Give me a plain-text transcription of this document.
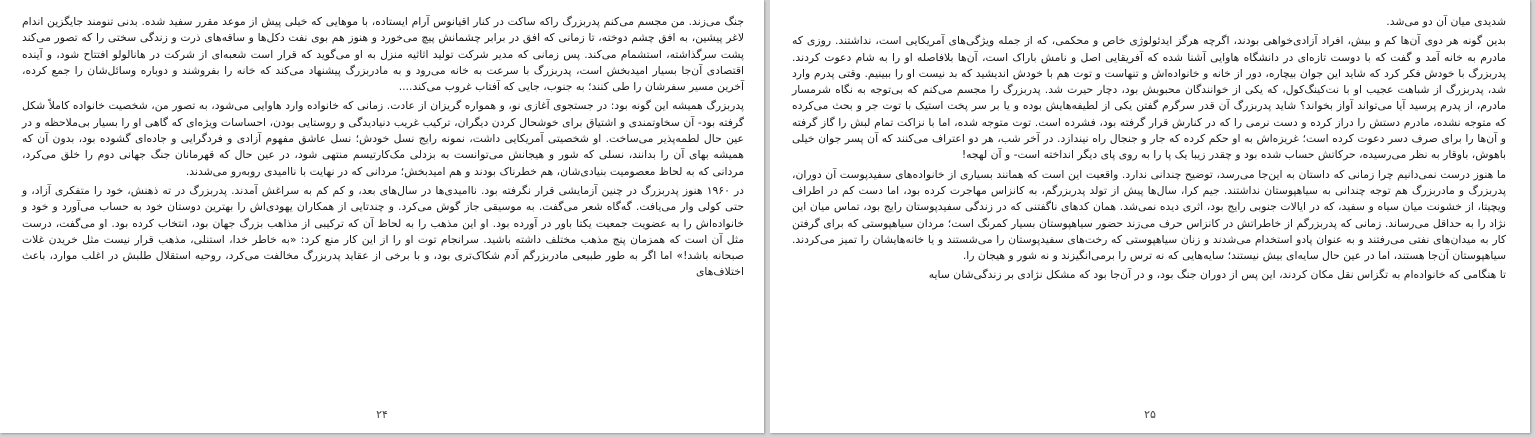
جنگ می‌زند. من مجسم می‌کنم پدربزرگ راکه ساکت در کنار اقیانوس آرام ایستاده، با موهایی که خیلی پیش از موعد مقرر سفید شده. بدنی تنومند جایگزین اندام لاغر پیشین، به افق چشم دوخته، تا زمانی که افق در برابر چشمانش پیچ می‌خورد و هنوز هم بوی نفت دکل‌ها و ساقه‌های ذرت و زندگی سختی را که تصور می‌کند پشت سرگذاشته، استشمام می‌کند. پس زمانی که مدیر شرکت تولید اثاثیه منزل به او می‌گوید که قرار است شعبه‌ای از شرکت در هانالولو افتتاح شود، و آینده اقتصادی آن‌جا بسیار امیدبخش است، پدربزرگ با سرعت به خانه می‌رود و به مادربزرگ پیشنهاد می‌کند که خانه را بفروشند و دوباره وسائل‌شان را جمع کرده، آخرین مسیر سفرشان را طی کنند؛ به جنوب، جایی که آفتاب غروب می‌کند....

پدربزرگ همیشه این گونه بود: در جستجوی آغازی نو، و همواره گریزان از عادت. زمانی که خانواده وارد هاوایی می‌شود، به تصور من، شخصیت خانواده کاملاً شکل گرفته بود- آن سخاوتمندی و اشتیاق برای خوشحال کردن دیگران، ترکیب غریب دنیادیدگی و روستایی بودن، احساسات ویژه‌ای که گاهی او را بسیار بی‌ملاحظه و در عین حال لطمه‌پذیر می‌ساخت. او شخصیتی آمریکایی داشت، نمونه رایج نسل خودش؛ نسل عاشق مفهوم آزادی و فردگرایی و جاده‌ای گشوده بود، بدون آن که همیشه بهای آن را بدانند، نسلی که شور و هیجانش می‌توانست به بزدلی مک‌کارتیسم منتهی شود، در عین حال که قهرمانان جنگ جهانی دوم را خلق می‌کرد، مردانی که به لحاظ معصومیت بنیادی‌شان، هم خطرناک بودند و هم امیدبخش؛ مردانی که در نهایت با ناامیدی روبه‌رو می‌شدند.

در ۱۹۶۰ هنوز پدربزرگ در چنین آزمایشی قرار نگرفته بود. ناامیدی‌ها در سال‌های بعد، و کم کم به سراغش آمدند. پدربزرگ در ته ذهنش، خود را متفکری آزاد، و حتی کولی وار می‌یافت. گه‌گاه شعر می‌گفت. به موسیقی جاز گوش می‌کرد. و چندتایی از همکاران یهودی‌اش را بهترین دوستان خود به حساب می‌آورد و خود و خانواده‌اش را به عضویت جمعیت یکتا باور در آورده بود. او این مذهب را به لحاظ آن که ترکیبی از مذاهب بزرگ جهان بود، انتخاب کرده بود. او می‌گفت، درست مثل آن است که همزمان پنج مذهب مختلف داشته باشید. سرانجام توت او را از این کار منع کرد: «به خاطر خدا، استنلی، مذهب قرار نیست مثل خریدن غلات صبحانه باشد!» اما اگر به طور طبیعی مادربزرگم آدم شکاک‌تری بود، و با برخی از عقاید پدربزرگ مخالفت می‌کرد، روحیه استقلال طلبش در اغلب موارد، باعث اختلاف‌های

۲۴

شدیدی میان آن دو می‌شد.

بدین گونه هر دوی آن‌ها کم و بیش، افراد آزادی‌خواهی بودند، اگرچه هرگز ایدئولوژی خاص و محکمی، که از جمله ویژگی‌های آمریکایی است، نداشتند. روزی که مادرم به خانه آمد و گفت که با دوست تازه‌ای در دانشگاه هاوایی آشنا شده که آفریقایی اصل و نامش باراک است، آن‌ها بلافاصله او را به شام دعوت کردند. پدربزرگ با خودش فکر کرد که شاید این جوان بیچاره، دور از خانه و خانواده‌اش و تنهاست و توت هم با خودش اندیشید که بد نیست او را ببینیم. وقتی پدرم وارد شد، پدربزرگ از شباهت عجیب او با نت‌کینگ‌کول، که یکی از خوانندگان محبوبش بود، دچار حیرت شد. پدربزرگ را مجسم می‌کنم که بی‌توجه به نگاه شرمسار مادرم، از پدرم پرسید آیا می‌تواند آواز بخواند؟ شاید پدربزرگ آن قدر سرگرم گفتن یکی از لطیفه‌هایش بوده و یا بر سر پخت استیک با توت جر و بحث می‌کرده که متوجه نشده، مادرم دستش را دراز کرده و دست نرمی را که در کنارش قرار گرفته بود، فشرده است. توت متوجه شده، اما با نزاکت تمام لبش را گاز گرفته و آن‌ها را برای صرف دسر دعوت کرده است؛ غریزه‌اش به او حکم کرده که جار و جنجال راه نیندازد. در آخر شب، هر دو اعتراف می‌کنند که آن پسر جوان خیلی باهوش، باوقار به نظر می‌رسیده، حرکاتش حساب شده بود و چقدر زیبا یک پا را به روی پای دیگر انداخته است- و آن لهجه!

ما هنوز درست نمی‌دانیم چرا زمانی که داستان به این‌جا می‌رسد، توضیح چندانی ندارد. واقعیت این است که همانند بسیاری از خانواده‌های سفیدپوست آن دوران، پدربزرگ و مادربزرگ هم توجه چندانی به سیاهپوستان نداشتند. جیم کرا، سال‌ها پیش از تولد پدربزرگم، به کانزاس مهاجرت کرده بود، اما دست کم در اطراف ویچیتا، از خشونت میان سیاه و سفید، که در ایالات جنوبی رایج بود، اثری دیده نمی‌شد. همان کدهای ناگفتنی که در زندگی سفیدپوستان رایج بود، تماس میان این نژاد را به حداقل می‌رساند. زمانی که پدربزرگم از خاطراتش در کانزاس حرف می‌زند حضور سیاهپوستان بسیار کمرنگ است؛ مردان سیاهپوستی که برای گرفتن کار به میدان‌های نفتی می‌رفتند و به عنوان پادو استخدام می‌شدند و زنان سیاهپوستی که رخت‌های سفیدپوستان را می‌شستند و یا خانه‌هایشان را تمیز می‌کردند. سیاهپوستان آن‌جا هستند، اما در عین حال سایه‌ای بیش نیستند؛ سایه‌هایی که نه ترس را برمی‌انگیزند و نه شور و هیجان را.

تا هنگامی که خانواده‌ام به تگزاس نقل مکان کردند، این پس از دوران جنگ بود، و در آن‌جا بود که مشکل نژادی بر زندگی‌شان سایه

۲۵
